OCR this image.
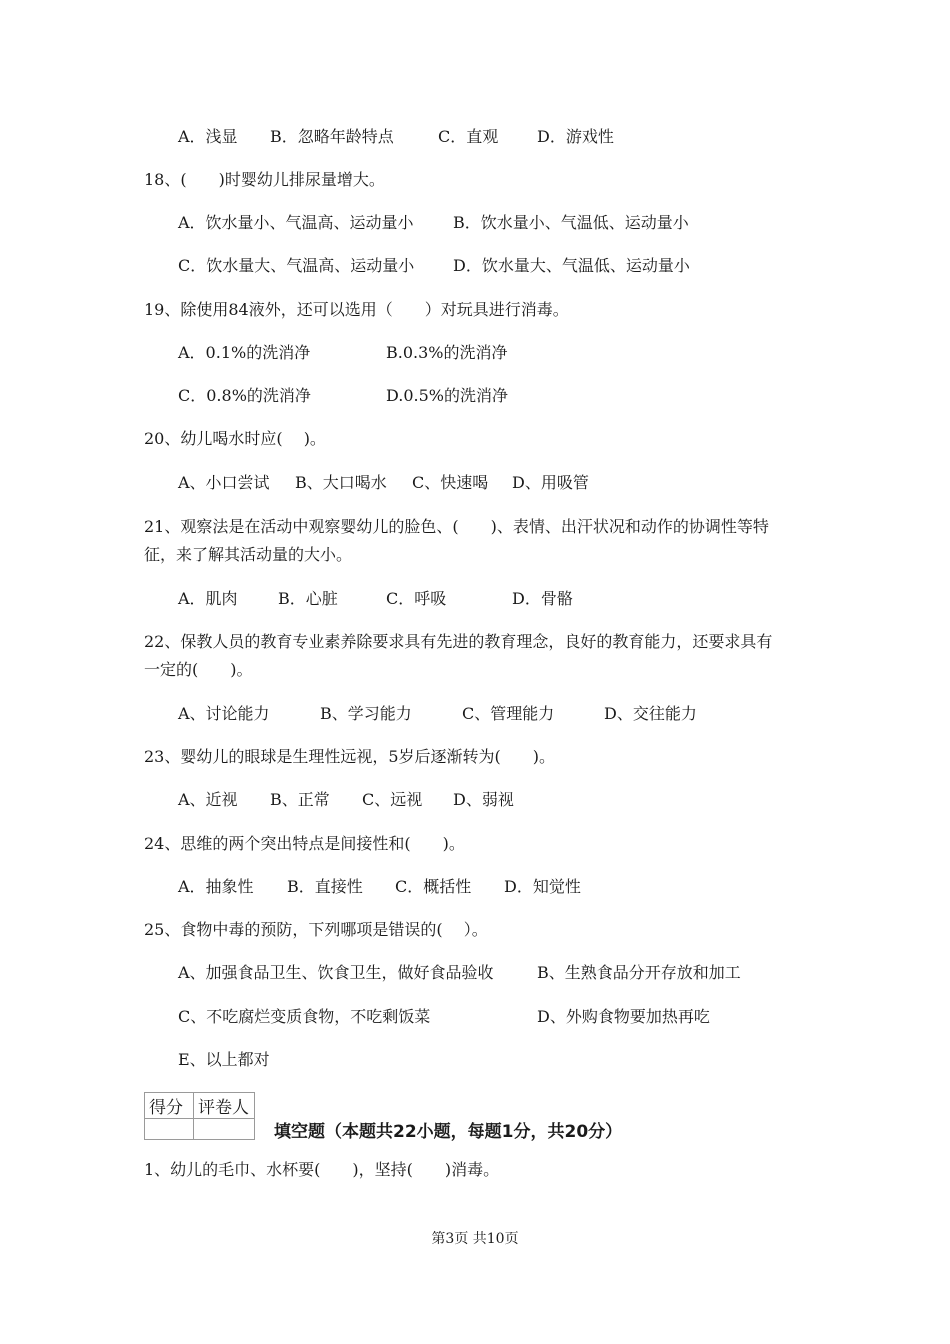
A．浅显 B．忽略年龄特点	C．直观 D．游戏性
18、(　　)时婴幼儿排尿量增大。
A．饮水量小、气温高、运动量小 B．饮水量小、气温低、运动量小
C．饮水量大、气温高、运动量小 D．饮水量大、气温低、运动量小
19、除使用84液外，还可以选用（　　）对玩具进行消毒。
A．0.1%的洗消净	B.0.3%的洗消净
C．0.8%的洗消净	D.0.5%的洗消净
20、幼儿喝水时应(　 )。
A、小口尝试 B、大口喝水 C、快速喝 D、用吸管
21、观察法是在活动中观察婴幼儿的脸色、(　　)、表情、出汗状况和动作的协调性等特
征，来了解其活动量的大小。
A．肌肉	B．心脏	C．呼吸	D．骨骼
22、保教人员的教育专业素养除要求具有先进的教育理念，良好的教育能力，还要求具有
一定的(　　)。
A、讨论能力	B、学习能力	C、管理能力	D、交往能力
23、婴幼儿的眼球是生理性远视，5岁后逐渐转为(　　)。
A、近视 B、正常 C、远视 D、弱视
24、思维的两个突出特点是间接性和(　　)。
A．抽象性 B．直接性 C．概括性 D．知觉性
25、食物中毒的预防，下列哪项是错误的(　 ）。
A、加强食品卫生、饮食卫生，做好食品验收	B、生熟食品分开存放和加工
C、不吃腐烂变质食物，不吃剩饭菜	D、外购食物要加热再吃
E、以上都对
得分	评卷人

填空题（本题共22小题，每题1分，共20分）
1、幼儿的毛巾、水杯要(　　)，坚持(　　)消毒。
第3页 共10页
